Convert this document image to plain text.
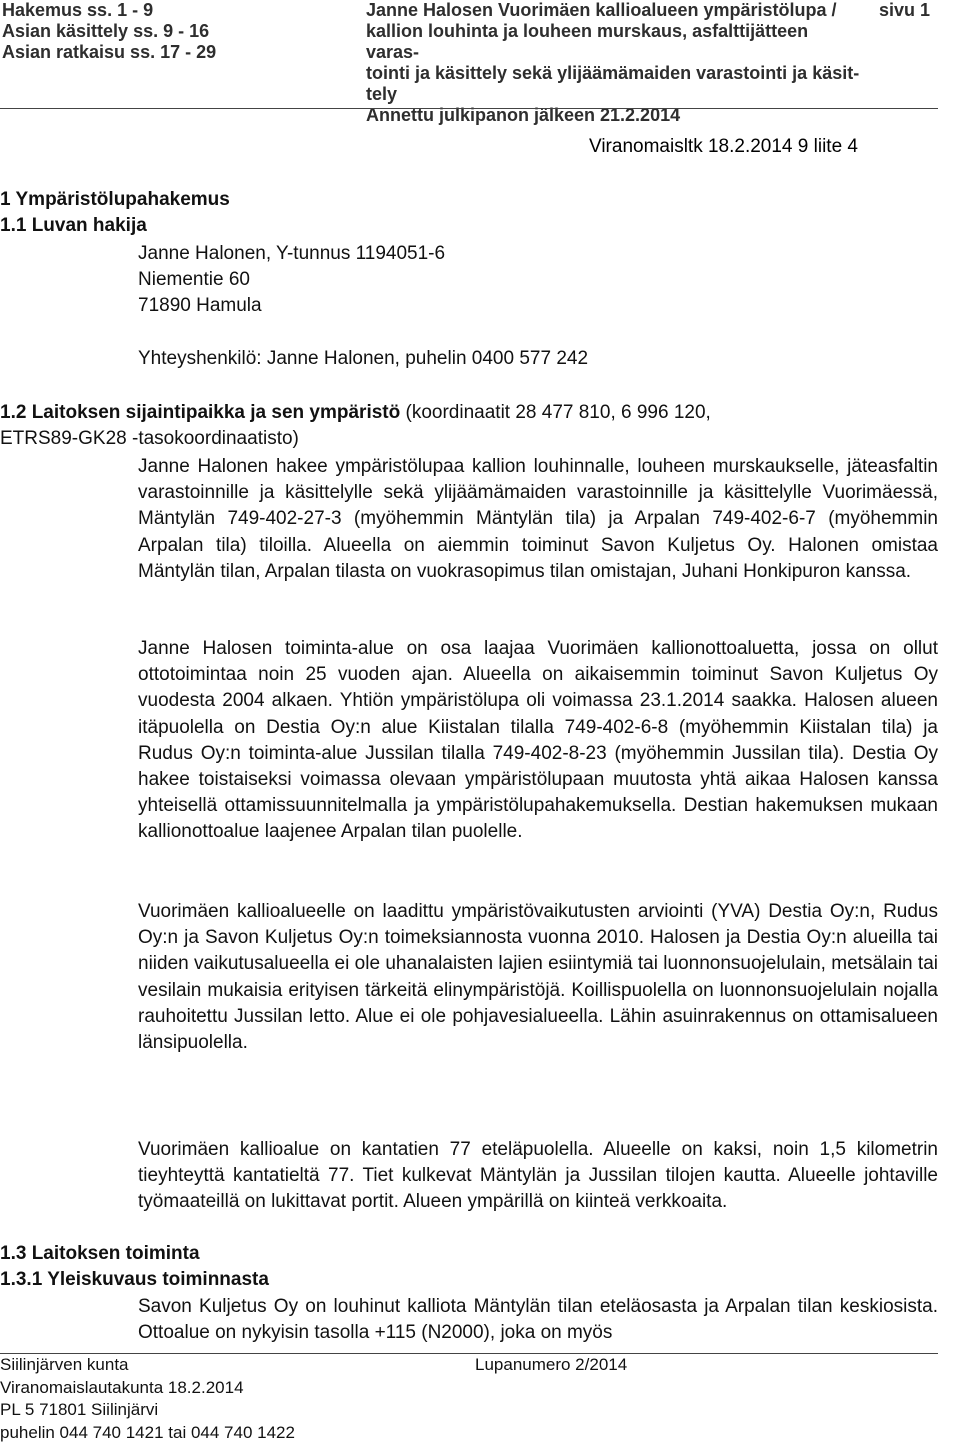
Hakemus ss. 1 - 9
Asian käsittely ss. 9 - 16
Asian ratkaisu ss. 17 - 29
Janne Halosen Vuorimäen kallioalueen ympäristölupa /
kallion louhinta ja louheen murskaus, asfalttijätteen varas-
tointi ja käsittely sekä ylijäämämaiden varastointi ja käsit-
tely
Annettu julkipanon jälkeen 21.2.2014
sivu 1
Viranomaisltk 18.2.2014 9 liite 4
1 Ympäristölupahakemus
1.1 Luvan hakija
Janne Halonen, Y-tunnus 1194051-6
Niementie 60
71890 Hamula
Yhteyshenkilö: Janne Halonen, puhelin 0400 577 242
1.2 Laitoksen sijaintipaikka ja sen ympäristö (koordinaatit 28 477 810, 6 996 120,
ETRS89-GK28 -tasokoordinaatisto)
Janne Halonen hakee ympäristölupaa kallion louhinnalle, louheen murskaukselle, jäteasfaltin varastoinnille ja käsittelylle sekä ylijäämämaiden varastoinnille ja käsittelylle Vuorimäessä, Mäntylän 749-402-27-3 (myöhemmin Mäntylän tila) ja Arpalan 749-402-6-7 (myöhemmin Arpalan tila) tiloilla. Alueella on aiemmin toiminut Savon Kuljetus Oy. Halonen omistaa Mäntylän tilan, Arpalan tilasta on vuokrasopimus tilan omistajan, Juhani Honkipuron kanssa.
Janne Halosen toiminta-alue on osa laajaa Vuorimäen kallionottoaluetta, jossa on ollut ottotoimintaa noin 25 vuoden ajan. Alueella on aikaisemmin toiminut Savon Kuljetus Oy vuodesta 2004 alkaen. Yhtiön ympäristölupa oli voimassa 23.1.2014 saakka. Halosen alueen itäpuolella on Destia Oy:n alue Kiistalan tilalla 749-402-6-8 (myöhemmin Kiistalan tila) ja Rudus Oy:n toiminta-alue Jussilan tilalla 749-402-8-23 (myöhemmin Jussilan tila). Destia Oy hakee toistaiseksi voimassa olevaan ympäristölupaan muutosta yhtä aikaa Halosen kanssa yhteisellä ottamissuunnitelmalla ja ympäristölupahakemuksella. Destian hakemuksen mukaan kallionottoalue laajenee Arpalan tilan puolelle.
Vuorimäen kallioalueelle on laadittu ympäristövaikutusten arviointi (YVA) Destia Oy:n, Rudus Oy:n ja Savon Kuljetus Oy:n toimeksiannosta vuonna 2010. Halosen ja Destia Oy:n alueilla tai niiden vaikutusalueella ei ole uhanalaisten lajien esiintymiä tai luonnonsuojelulain, metsälain tai vesilain mukaisia erityisen tärkeitä elinympäristöjä. Koillispuolella on luonnonsuojelulain nojalla rauhoitettu Jussilan letto. Alue ei ole pohjavesialueella. Lähin asuinrakennus on ottamisalueen länsipuolella.
Vuorimäen kallioalue on kantatien 77 eteläpuolella. Alueelle on kaksi, noin 1,5 kilometrin tieyhteyttä kantatieltä 77. Tiet kulkevat Mäntylän ja Jussilan tilojen kautta. Alueelle johtaville työmaateillä on lukittavat portit. Alueen ympärillä on kiinteä verkkoaita.
1.3 Laitoksen toiminta
1.3.1 Yleiskuvaus toiminnasta
Savon Kuljetus Oy on louhinut kalliota Mäntylän tilan eteläosasta ja Arpalan tilan keskiosista. Ottoalue on nykyisin tasolla +115 (N2000), joka on myös
Siilinjärven kunta
Viranomaislautakunta 18.2.2014
PL 5 71801 Siilinjärvi
puhelin 044 740 1421 tai 044 740 1422
Lupanumero 2/2014
